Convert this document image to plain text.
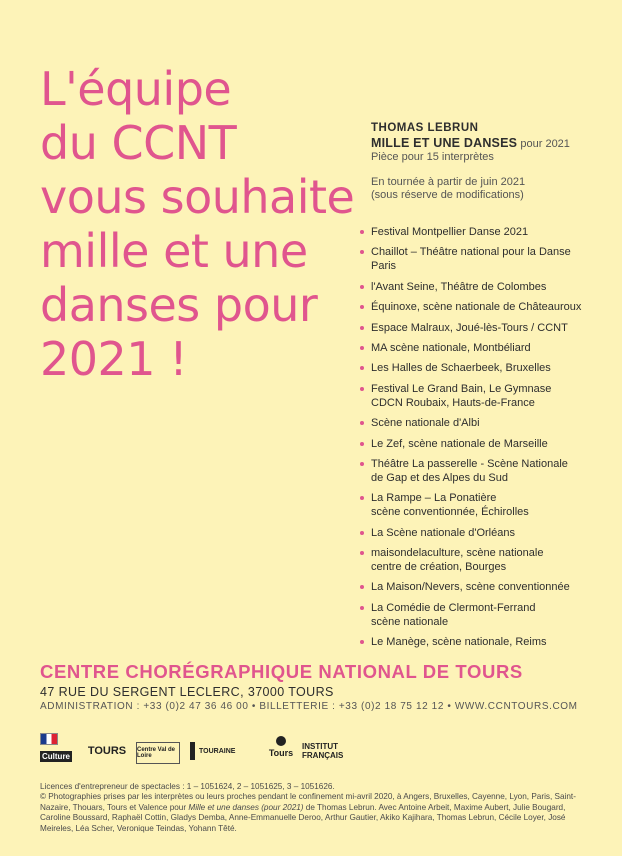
L'équipe
du CCNT
vous souhaite
mille et une
danses pour
2021 !
THOMAS LEBRUN
MILLE ET UNE DANSES pour 2021
Pièce pour 15 interprètes
En tournée à partir de juin 2021
(sous réserve de modifications)
Festival Montpellier Danse 2021
Chaillot – Théâtre national pour la Danse
Paris
l'Avant Seine, Théâtre de Colombes
Équinoxe, scène nationale de Châteauroux
Espace Malraux, Joué-lès-Tours / CCNT
MA scène nationale, Montbéliard
Les Halles de Schaerbeek, Bruxelles
Festival Le Grand Bain, Le Gymnase
CDCN Roubaix, Hauts-de-France
Scène nationale d'Albi
Le Zef, scène nationale de Marseille
Théâtre La passerelle - Scène Nationale
de Gap et des Alpes du Sud
La Rampe – La Ponatière
scène conventionnée, Échirolles
La Scène nationale d'Orléans
maisondelaculture, scène nationale
centre de création, Bourges
La Maison/Nevers, scène conventionnée
La Comédie de Clermont-Ferrand
scène nationale
Le Manège, scène nationale, Reims
CENTRE CHORÉGRAPHIQUE NATIONAL DE TOURS
47 RUE DU SERGENT LECLERC, 37000 TOURS
ADMINISTRATION : +33 (0)2 47 36 46 00 • BILLETTERIE : +33 (0)2 18 75 12 12 • WWW.CCNTOURS.COM
Culture TOURS	Centre Val de Loire
TOURAINE	Tours
INSTITUT FRANÇAIS

Licences d'entrepreneur de spectacles : 1 – 1051624, 2 – 1051625, 3 – 1051626.

© Photographies prises par les interprètes ou leurs proches pendant le confinement mi-avril 2020, à Angers, Bruxelles, Cayenne, Lyon, Paris, Saint-Nazaire, Thouars, Tours et Valence pour Mille et une danses (pour 2021) de Thomas Lebrun. Avec Antoine Arbeit, Maxime Aubert, Julie Bougard, Caroline Boussard, Raphaël Cottin, Gladys Demba, Anne-Emmanuelle Deroo, Arthur Gautier, Akiko Kajihara, Thomas Lebrun, Cécile Loyer, José Meireles, Léa Scher, Veronique Teindas, Yohann Têté.
